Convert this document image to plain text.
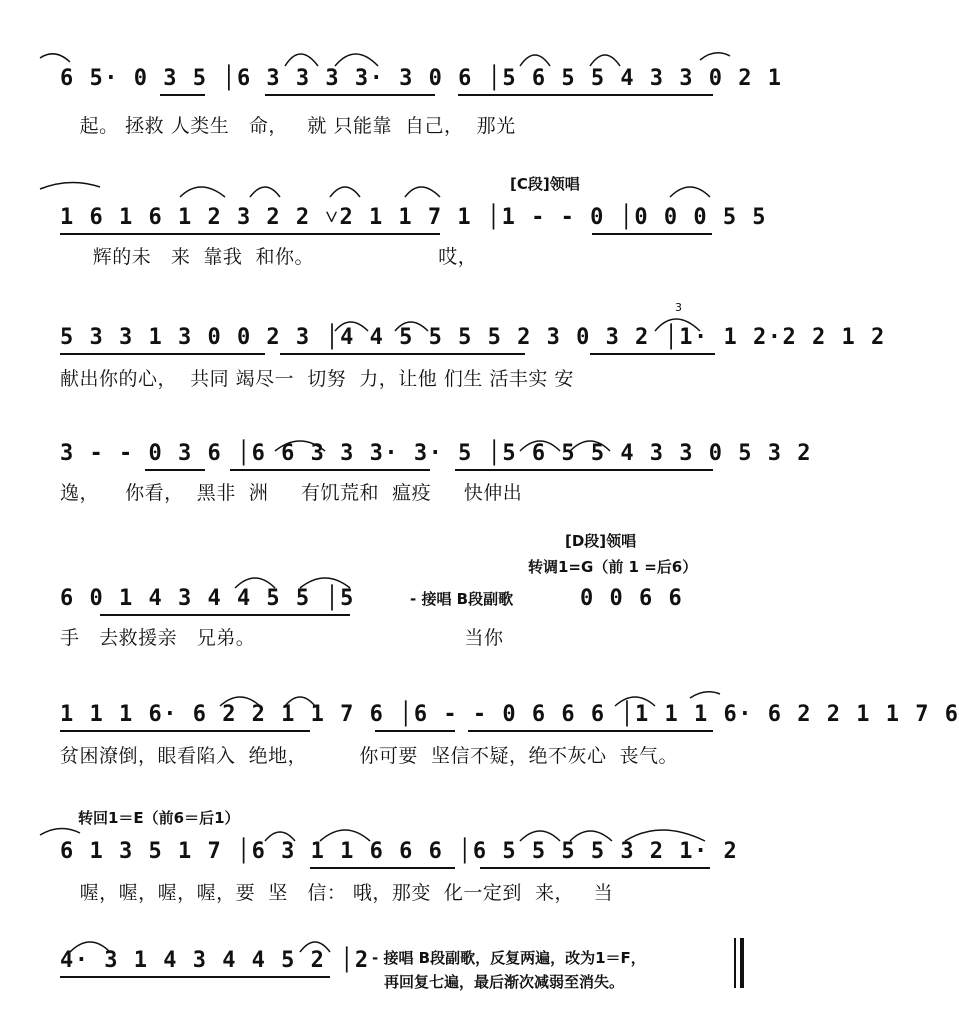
6 5· 0 3 5 │6 3 3 3 3· 3 0 6 │5 6 5 5 4 3 3 0 2 1
起。 拯救 人类生   命，   就 只能靠  自己，  那光
[C段]领唱
1 6 1 6 1 2 3 2 2 ˅2 1 1 7 1 │1 - - 0 │0 0 0 5 5
辉的未   来  靠我  和你。                   哎，
3
5 3 3 1 3 0 0 2 3 │4 4 5 5 5 5 2 3 0 3 2 │1· 1 2·2 2 1 2
献出你的心，  共同 竭尽一  切努  力，让他 们生 活丰实 安
3 - - 0 3 6 │6 6 3 3 3· 3· 5 │5 6 5 5 4 3 3 0 5 3 2
逸，    你看，  黑非  洲     有饥荒和  瘟疫     快伸出
[D段]领唱
转调1=G（前 1 =后6）
6 0 1 4 3 4 4 5 5 │5	- 接唱 B段副歌	0 0 6 6
手   去救援亲   兄弟。                                当你
1 1 1 6· 6 2 2 1 1 7 6 │6 - - 0 6 6 6 │1 1 1 6· 6 2 2 1 1 7 6
贫困潦倒，眼看陷入  绝地，        你可要  坚信不疑，绝不灰心  丧气。
转回1＝E（前6＝后1）
6 1 3 5 1 7 │6 3 1 1 6 6 6 │6 5 5 5 5 3 2 1· 2
喔，喔，喔，喔，要  坚   信： 哦，那变  化一定到  来，   当
4· 3 1 4 3 4 4 5 2 │2 - 接唱 B段副歌，反复两遍，改为1＝F，
再回复七遍，最后渐次减弱至消失。
